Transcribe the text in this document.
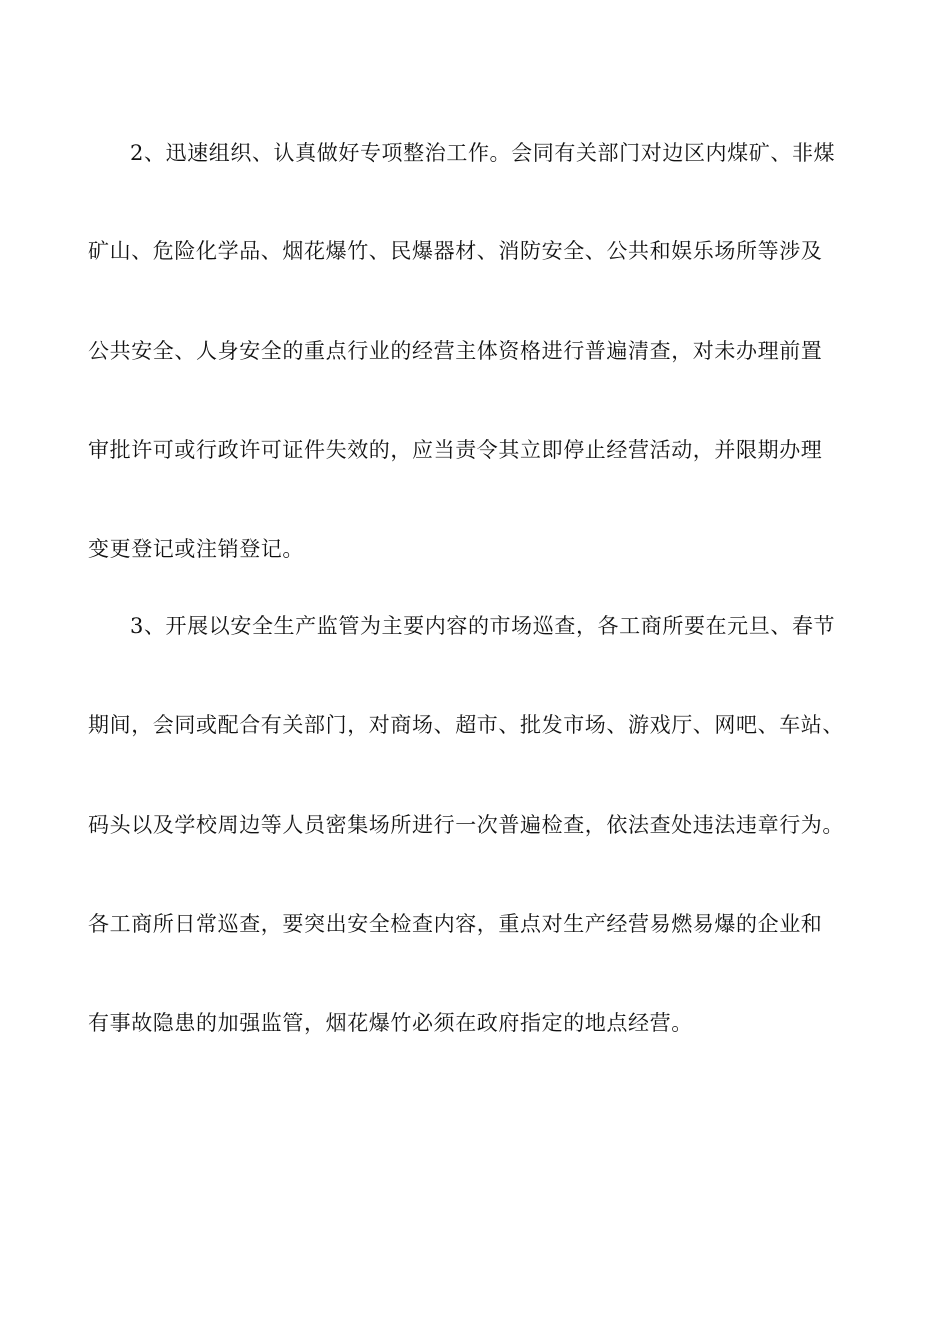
2、迅速组织、认真做好专项整治工作。会同有关部门对边区内煤矿、非煤
矿山、危险化学品、烟花爆竹、民爆器材、消防安全、公共和娱乐场所等涉及
公共安全、人身安全的重点行业的经营主体资格进行普遍清查，对未办理前置
审批许可或行政许可证件失效的，应当责令其立即停止经营活动，并限期办理
变更登记或注销登记。
3、开展以安全生产监管为主要内容的市场巡查，各工商所要在元旦、春节
期间，会同或配合有关部门，对商场、超市、批发市场、游戏厅、网吧、车站、
码头以及学校周边等人员密集场所进行一次普遍检查，依法查处违法违章行为。
各工商所日常巡查，要突出安全检查内容，重点对生产经营易燃易爆的企业和
有事故隐患的加强监管，烟花爆竹必须在政府指定的地点经营。
